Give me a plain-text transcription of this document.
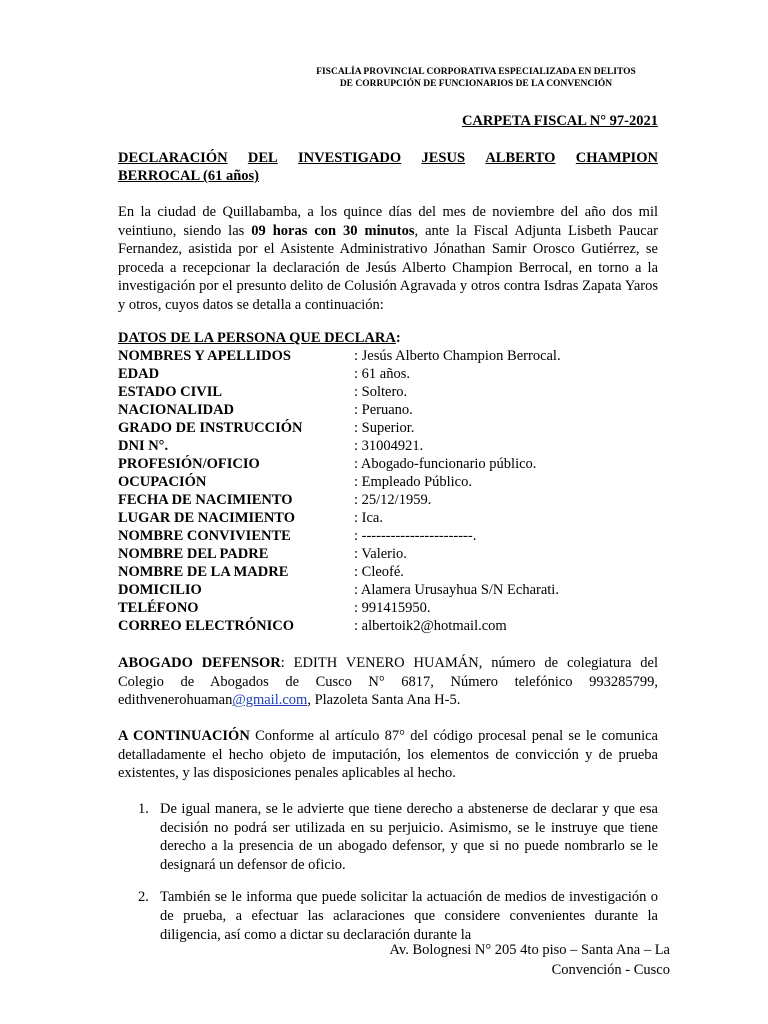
FISCALÍA PROVINCIAL CORPORATIVA ESPECIALIZADA EN DELITOS
DE CORRUPCIÓN DE FUNCIONARIOS DE LA CONVENCIÓN
CARPETA FISCAL N° 97-2021
DECLARACIÓN DEL INVESTIGADO JESUS ALBERTO CHAMPION
BERROCAL (61 años)
En la ciudad de Quillabamba, a los quince días del mes de noviembre del año dos mil veintiuno, siendo las 09 horas con 30 minutos, ante la Fiscal Adjunta Lisbeth Paucar Fernandez, asistida por el Asistente Administrativo Jónathan Samir Orosco Gutiérrez, se proceda a recepcionar la declaración de Jesús Alberto Champion Berrocal, en torno a la investigación por el presunto delito de Colusión Agravada y otros contra Isdras Zapata Yaros y otros, cuyos datos se detalla a continuación:
DATOS DE LA PERSONA QUE DECLARA:
NOMBRES Y APELLIDOS	: Jesús Alberto Champion Berrocal.
EDAD	: 61 años.
ESTADO CIVIL	: Soltero.
NACIONALIDAD	: Peruano.
GRADO DE INSTRUCCIÓN	: Superior.
DNI N°.	: 31004921.
PROFESIÓN/OFICIO	: Abogado-funcionario público.
OCUPACIÓN	: Empleado Público.
FECHA DE NACIMIENTO	: 25/12/1959.
LUGAR DE NACIMIENTO	: Ica.
NOMBRE CONVIVIENTE	: -----------------------.
NOMBRE DEL PADRE	: Valerio.
NOMBRE DE LA MADRE	: Cleofé.
DOMICILIO	: Alamera Urusayhua S/N Echarati.
TELÉFONO	: 991415950.
CORREO ELECTRÓNICO	: albertoik2@hotmail.com
ABOGADO DEFENSOR: EDITH VENERO HUAMÁN, número de colegiatura del Colegio de Abogados de Cusco N° 6817, Número telefónico 993285799, edithvenerohuaman@gmail.com, Plazoleta Santa Ana H-5.
A CONTINUACIÓN Conforme al artículo 87° del código procesal penal se le comunica detalladamente el hecho objeto de imputación, los elementos de convicción y de prueba existentes, y las disposiciones penales aplicables al hecho.
1. De igual manera, se le advierte que tiene derecho a abstenerse de declarar y que esa decisión no podrá ser utilizada en su perjuicio. Asimismo, se le instruye que tiene derecho a la presencia de un abogado defensor, y que si no puede nombrarlo se le designará un defensor de oficio.
2. También se le informa que puede solicitar la actuación de medios de investigación o de prueba, a efectuar las aclaraciones que considere convenientes durante la diligencia, así como a dictar su declaración durante la
Av. Bolognesi N° 205 4to piso – Santa Ana – La
Convención - Cusco
